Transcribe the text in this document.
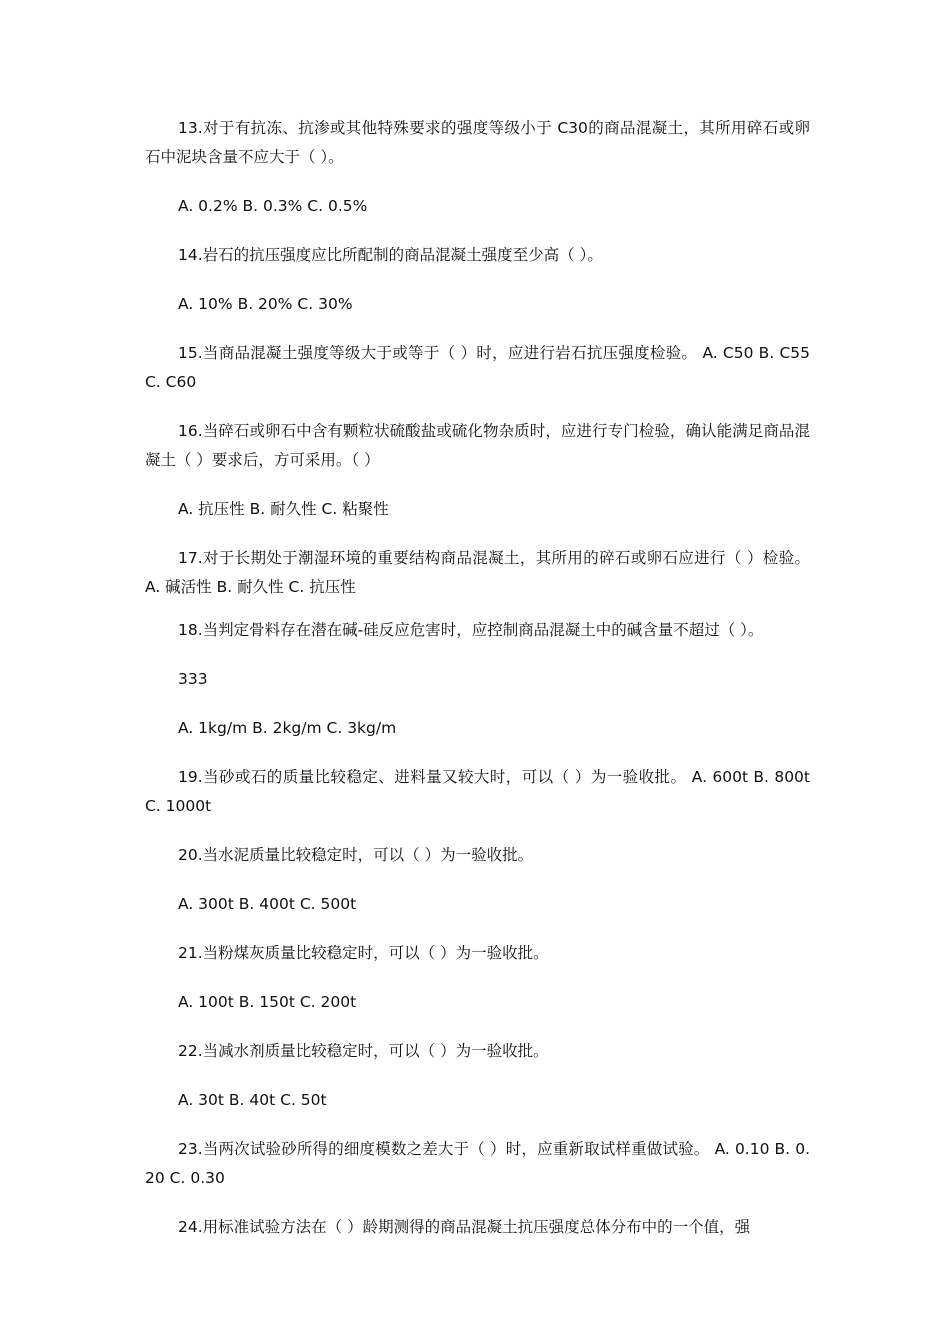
13.对于有抗冻、抗渗或其他特殊要求的强度等级小于 C30的商品混凝土，其所用碎石或卵石中泥块含量不应大于（ ）。

A. 0.2% B. 0.3% C. 0.5%

14.岩石的抗压强度应比所配制的商品混凝土强度至少高（ ）。

A. 10% B. 20% C. 30%

15.当商品混凝土强度等级大于或等于（ ）时，应进行岩石抗压强度检验。 A. C50 B. C55 C. C60

16.当碎石或卵石中含有颗粒状硫酸盐或硫化物杂质时，应进行专门检验，确认能满足商品混凝土（ ）要求后，方可采用。（ ）

A. 抗压性 B. 耐久性 C. 粘聚性

17.对于长期处于潮湿环境的重要结构商品混凝土，其所用的碎石或卵石应进行（ ）检验。 A. 碱活性 B. 耐久性 C. 抗压性

18.当判定骨料存在潜在碱-硅反应危害时，应控制商品混凝土中的碱含量不超过（ ）。

333

A. 1kg/m B. 2kg/m C. 3kg/m

19.当砂或石的质量比较稳定、进料量又较大时，可以（ ）为一验收批。 A. 600t B. 800t C. 1000t

20.当水泥质量比较稳定时，可以（ ）为一验收批。

A. 300t B. 400t C. 500t

21.当粉煤灰质量比较稳定时，可以（ ）为一验收批。

A. 100t B. 150t C. 200t

22.当减水剂质量比较稳定时，可以（ ）为一验收批。

A. 30t B. 40t C. 50t

23.当两次试验砂所得的细度模数之差大于（ ）时，应重新取试样重做试验。 A. 0.10 B. 0.20 C. 0.30

24.用标准试验方法在（ ）龄期测得的商品混凝土抗压强度总体分布中的一个值，强
